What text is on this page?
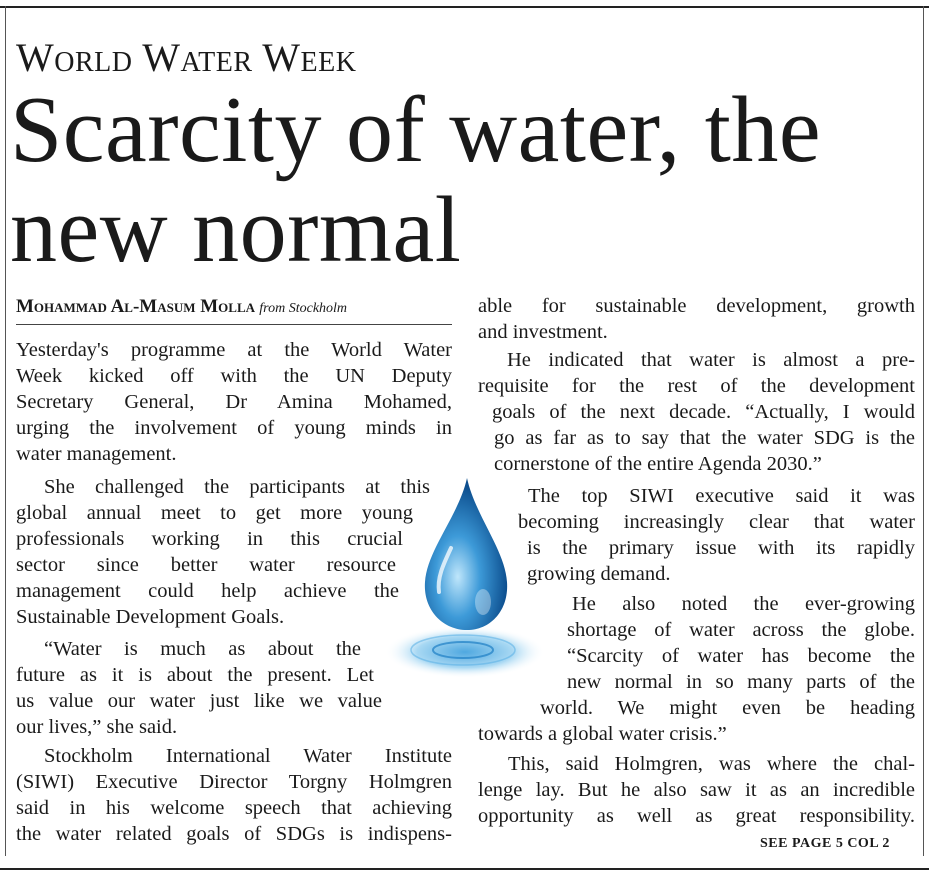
World Water Week
Scarcity of water, the
new normal
Mohammad Al-Masum Molla from Stockholm
Yesterday's programme at the World Water
Week kicked off with the UN Deputy
Secretary General, Dr Amina Mohamed,
urging the involvement of young minds in
water management.
She challenged the participants at this
global annual meet to get more young
professionals working in this crucial
sector since better water resource
management could help achieve the
Sustainable Development Goals.
“Water is much as about the
future as it is about the present. Let
us value our water just like we value
our lives,” she said.
Stockholm International Water Institute
(SIWI) Executive Director Torgny Holmgren
said in his welcome speech that achieving
the water related goals of SDGs is indispens-
able for sustainable development, growth
and investment.
He indicated that water is almost a pre-
requisite for the rest of the development
goals of the next decade. “Actually, I would
go as far as to say that the water SDG is the
cornerstone of the entire Agenda 2030.”
The top SIWI executive said it was
becoming increasingly clear that water
is the primary issue with its rapidly
growing demand.
He also noted the ever-growing
shortage of water across the globe.
“Scarcity of water has become the
new normal in so many parts of the
world. We might even be heading
towards a global water crisis.”
This, said Holmgren, was where the chal-
lenge lay. But he also saw it as an incredible
opportunity as well as great responsibility.
SEE PAGE 5 COL 2
